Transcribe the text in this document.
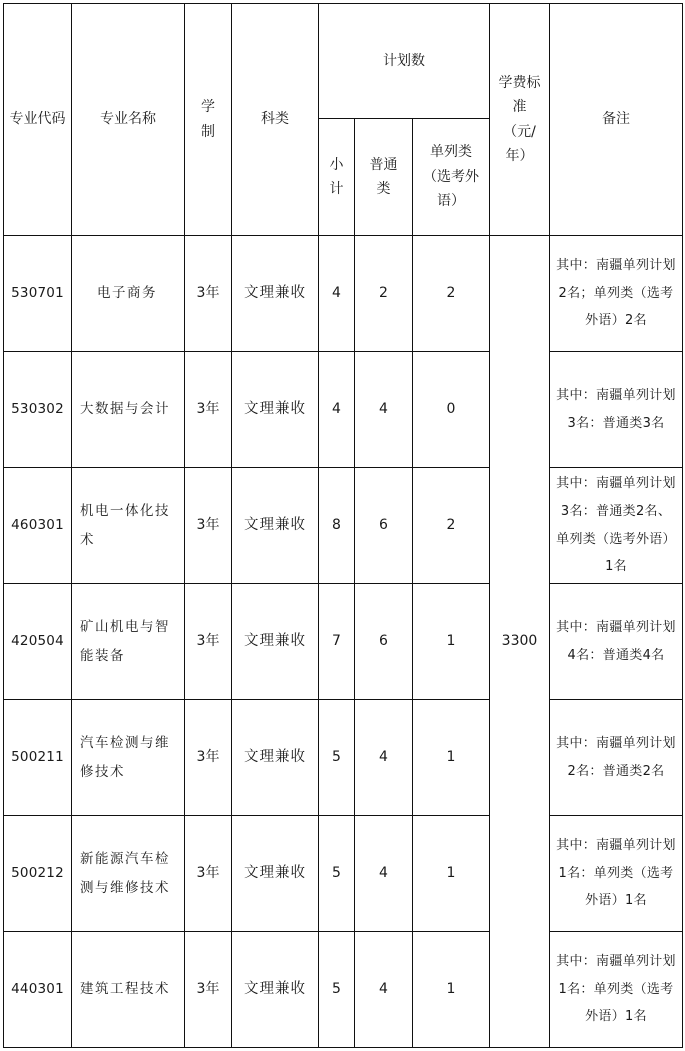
专业代码	专业名称	学制	科类	计划数			学费标准（元/年）	备注
				小计	普通类	单列类（选考外语）		
530701	电子商务	3年	文理兼收	4	2	2	3300	其中：南疆单列计划2名；单列类（选考外语）2名
530302	大数据与会计	3年	文理兼收	4	4	0		其中：南疆单列计划3名：普通类3名
460301	机电一体化技术	3年	文理兼收	8	6	2		其中：南疆单列计划3名：普通类2名、单列类（选考外语）1名
420504	矿山机电与智能装备	3年	文理兼收	7	6	1		其中：南疆单列计划4名：普通类4名
500211	汽车检测与维修技术	3年	文理兼收	5	4	1		其中：南疆单列计划2名：普通类2名
500212	新能源汽车检测与维修技术	3年	文理兼收	5	4	1		其中：南疆单列计划1名：单列类（选考外语）1名
440301	建筑工程技术	3年	文理兼收	5	4	1		其中：南疆单列计划1名：单列类（选考外语）1名
